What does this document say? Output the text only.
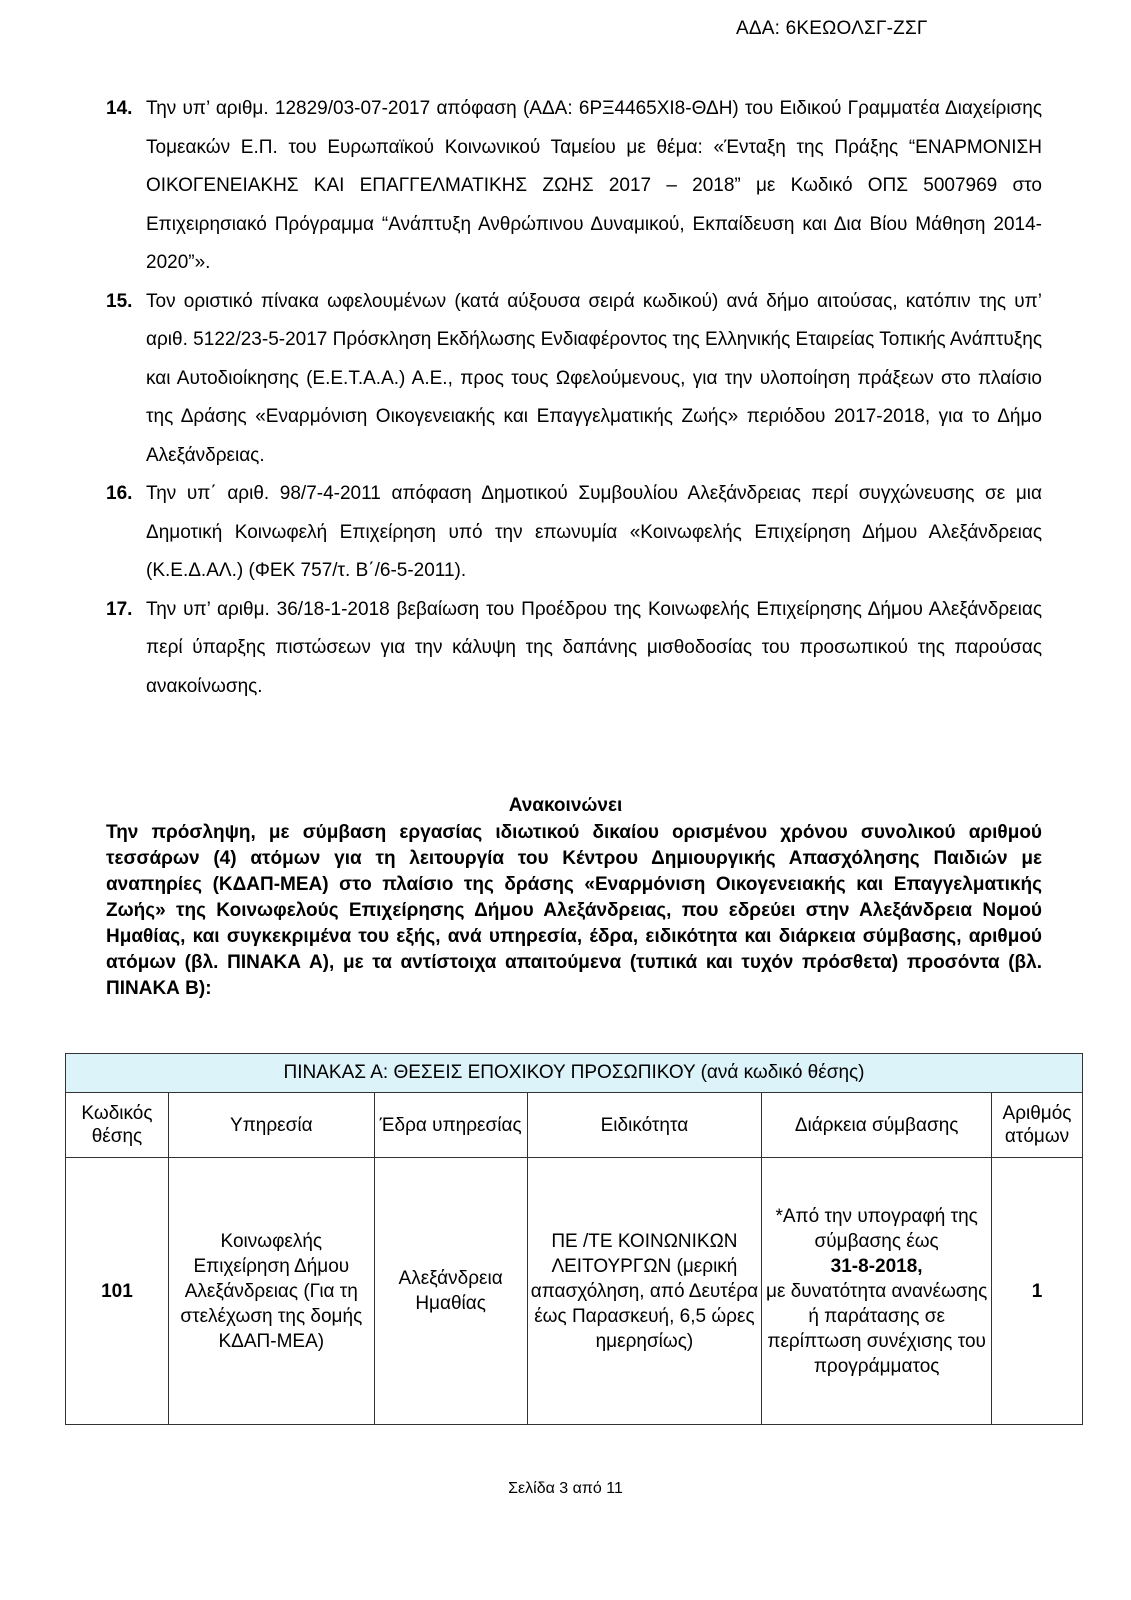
ΑΔΑ: 6ΚΕΩΟΛΣΓ-ΖΣΓ
14. Την υπ’ αριθμ. 12829/03-07-2017 απόφαση (ΑΔΑ: 6ΡΞ4465ΧΙ8-ΘΔΗ) του Ειδικού Γραμματέα Διαχείρισης Τομεακών Ε.Π. του Ευρωπαϊκού Κοινωνικού Ταμείου με θέμα: «Ένταξη της Πράξης “ΕΝΑΡΜΟΝΙΣΗ ΟΙΚΟΓΕΝΕΙΑΚΗΣ ΚΑΙ ΕΠΑΓΓΕΛΜΑΤΙΚΗΣ ΖΩΗΣ 2017 – 2018” με Κωδικό ΟΠΣ 5007969 στο Επιχειρησιακό Πρόγραμμα “Ανάπτυξη Ανθρώπινου Δυναμικού, Εκπαίδευση και Δια Βίου Μάθηση 2014- 2020”».
15. Τον οριστικό πίνακα ωφελουμένων (κατά αύξουσα σειρά κωδικού) ανά δήμο αιτούσας, κατόπιν της υπ’ αριθ. 5122/23-5-2017 Πρόσκληση Εκδήλωσης Ενδιαφέροντος της Ελληνικής Εταιρείας Τοπικής Ανάπτυξης και Αυτοδιοίκησης (Ε.Ε.Τ.Α.Α.) Α.Ε., προς τους Ωφελούμενους, για την υλοποίηση πράξεων στο πλαίσιο της Δράσης «Εναρμόνιση Οικογενειακής και Επαγγελματικής Ζωής» περιόδου 2017-2018, για το Δήμο Αλεξάνδρειας.
16. Την υπ΄ αριθ. 98/7-4-2011 απόφαση Δημοτικού Συμβουλίου Αλεξάνδρειας περί συγχώνευσης σε μια Δημοτική Κοινωφελή Επιχείρηση υπό την επωνυμία «Κοινωφελής Επιχείρηση Δήμου Αλεξάνδρειας (Κ.Ε.Δ.ΑΛ.) (ΦΕΚ 757/τ. Β΄/6-5-2011).
17. Την υπ’ αριθμ. 36/18-1-2018 βεβαίωση του Προέδρου της Κοινωφελής Επιχείρησης Δήμου Αλεξάνδρειας περί ύπαρξης πιστώσεων για την κάλυψη της δαπάνης μισθοδοσίας του προσωπικού της παρούσας ανακοίνωσης.
Ανακοινώνει
Την πρόσληψη, με σύμβαση εργασίας ιδιωτικού δικαίου ορισμένου χρόνου συνολικού αριθμού τεσσάρων (4) ατόμων για τη λειτουργία του Κέντρου Δημιουργικής Απασχόλησης Παιδιών με αναπηρίες (ΚΔΑΠ-ΜΕΑ) στο πλαίσιο της δράσης «Εναρμόνιση Οικογενειακής και Επαγγελματικής Ζωής» της Κοινωφελούς Επιχείρησης Δήμου Αλεξάνδρειας, που εδρεύει στην Αλεξάνδρεια Νομού Ημαθίας, και συγκεκριμένα του εξής, ανά υπηρεσία, έδρα, ειδικότητα και διάρκεια σύμβασης, αριθμού ατόμων (βλ. ΠΙΝΑΚΑ Α), με τα αντίστοιχα απαιτούμενα (τυπικά και τυχόν πρόσθετα) προσόντα (βλ. ΠΙΝΑΚΑ Β):
ΠΙΝΑΚΑΣ Α: ΘΕΣΕΙΣ ΕΠΟΧΙΚΟΥ ΠΡΟΣΩΠΙΚΟΥ (ανά κωδικό θέσης)					
Κωδικός θέσης	Υπηρεσία	Έδρα υπηρεσίας	Ειδικότητα	Διάρκεια σύμβασης	Αριθμός ατόμων
101	Κοινωφελής Επιχείρηση Δήμου Αλεξάνδρειας (Για τη στελέχωση της δομής ΚΔΑΠ-ΜΕΑ)	Αλεξάνδρεια Ημαθίας	ΠΕ /ΤΕ ΚΟΙΝΩΝΙΚΩΝ ΛΕΙΤΟΥΡΓΩΝ (μερική απασχόληση, από Δευτέρα έως Παρασκευή, 6,5 ώρες ημερησίως)	*Από την υπογραφή της σύμβασης έως
31-8-2018,
με δυνατότητα ανανέωσης ή παράτασης σε περίπτωση συνέχισης του προγράμματος	1
Σελίδα 3 από 11
